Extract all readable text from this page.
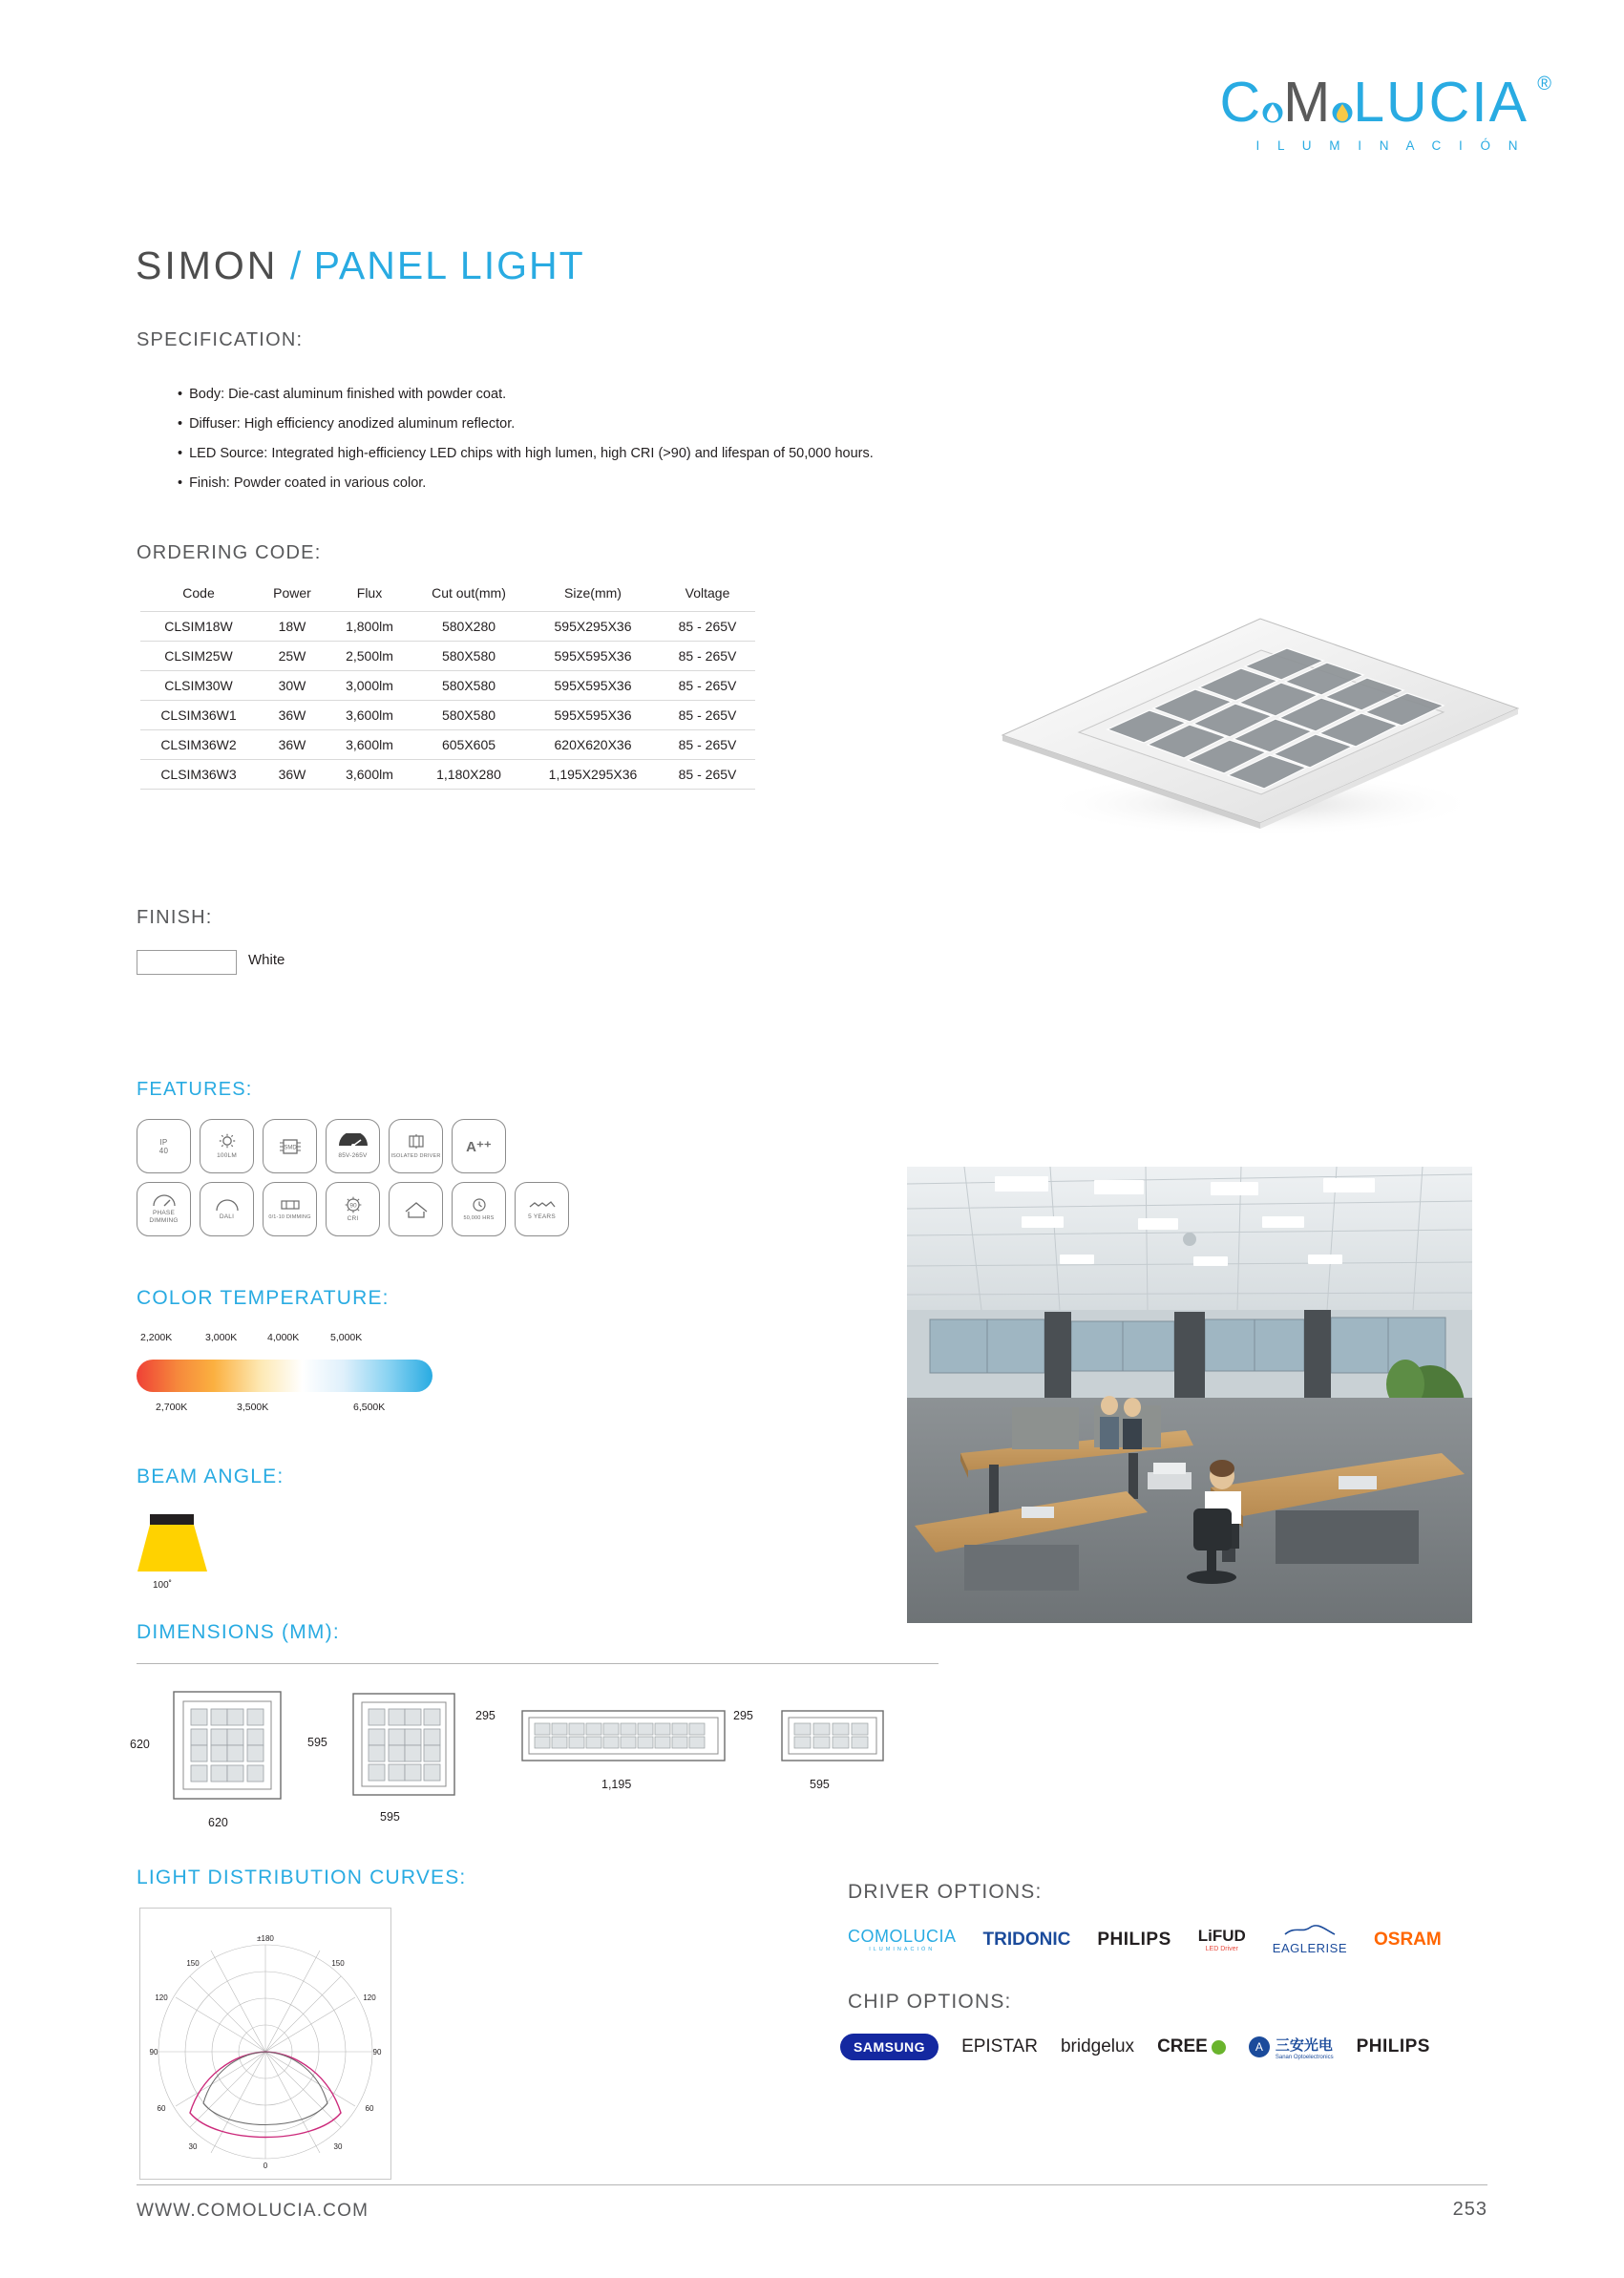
C M LUCIA ®
I L U M I N A C I Ó N
SIMON / PANEL LIGHT
SPECIFICATION:
• Body: Die-cast aluminum finished with powder coat.
• Diffuser: High efficiency anodized aluminum reflector.
• LED Source: Integrated high-efficiency LED chips with high lumen, high CRI (>90) and lifespan of 50,000 hours.
• Finish: Powder coated in various color.
ORDERING CODE:
Code	Power	Flux	Cut out(mm)	Size(mm)	Voltage
CLSIM18W	18W	1,800lm	580X280	595X295X36	85 - 265V
CLSIM25W	25W	2,500lm	580X580	595X595X36	85 - 265V
CLSIM30W	30W	3,000lm	580X580	595X595X36	85 - 265V
CLSIM36W1	36W	3,600lm	580X580	595X595X36	85 - 265V
CLSIM36W2	36W	3,600lm	605X605	620X620X36	85 - 265V
CLSIM36W3	36W	3,600lm	1,180X280	1,195X295X36	85 - 265V
FINISH:
White
FEATURES:
IP
40
100LM
SMD
85V-265V	ISOLATED DRIVER
A⁺⁺
PHASE DIMMING
DALI	0/1-10 DIMMING
90
CRI	50,000 HRS	5 YEARS
COLOR TEMPERATURE:
2,200K	3,000K	4,000K	5,000K
2,700K	3,500K	6,500K
BEAM ANGLE:
100˚
DIMENSIONS (MM):
620
620
595
595
295
1,195
295
595
LIGHT DISTRIBUTION CURVES:
±180
150	150
120	120
90	90
60	60
30	30
0
DRIVER OPTIONS:
COMOLUCIA
ILUMINACIÓN
TRIDONIC PHILIPS LiFUD
LED Driver	EAGLERISE OSRAM
CHIP OPTIONS:
SAMSUNG	EPISTAR bridgelux CREE	A 三安光电
Sanan Optoelectronics
PHILIPS
WWW.COMOLUCIA.COM	253
